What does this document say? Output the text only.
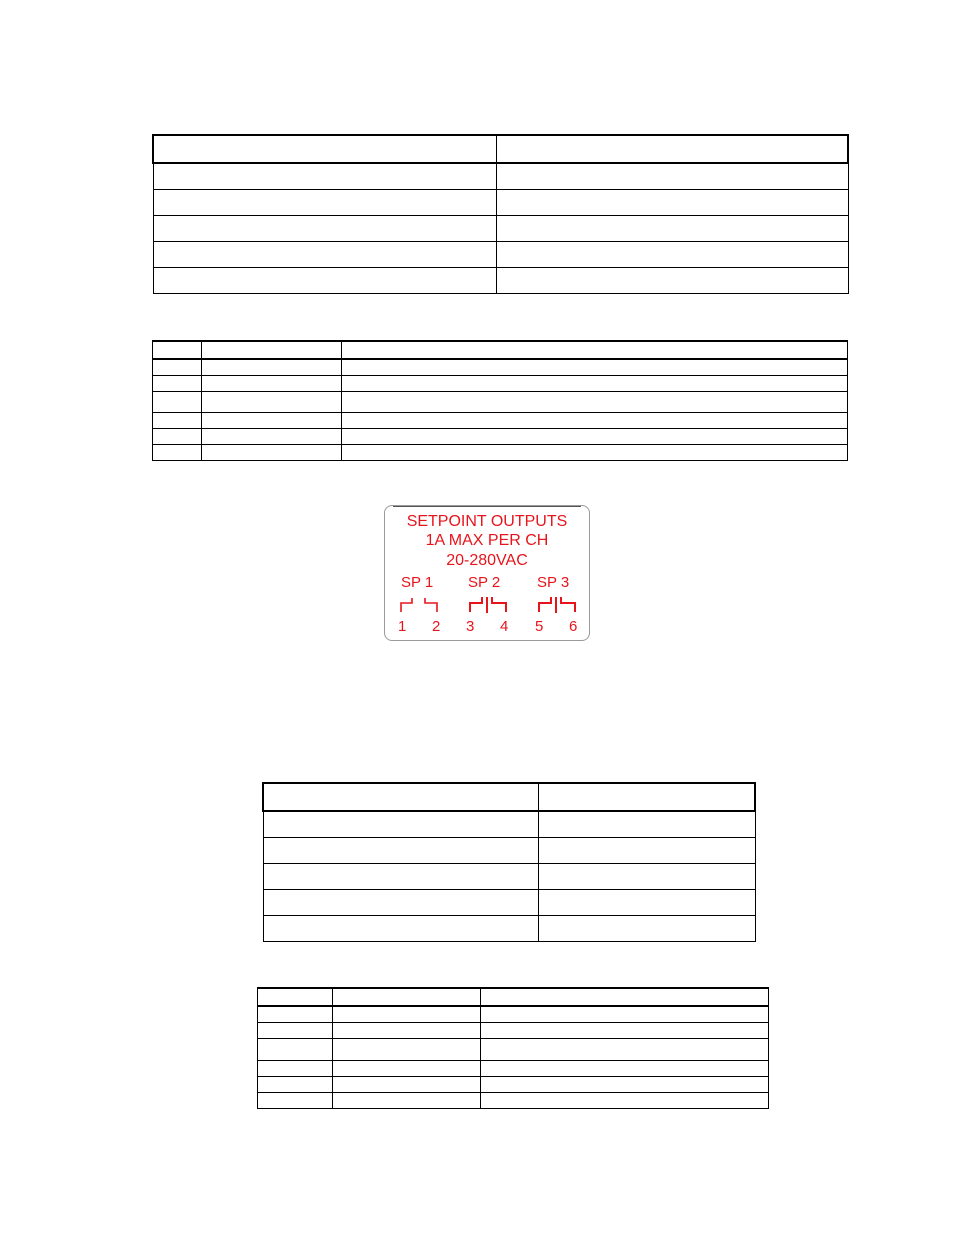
SETPOINT OUTPUTS
1A MAX PER CH
20-280VAC
SP 1 SP 2 SP 3
1 2 3 4 5 6
